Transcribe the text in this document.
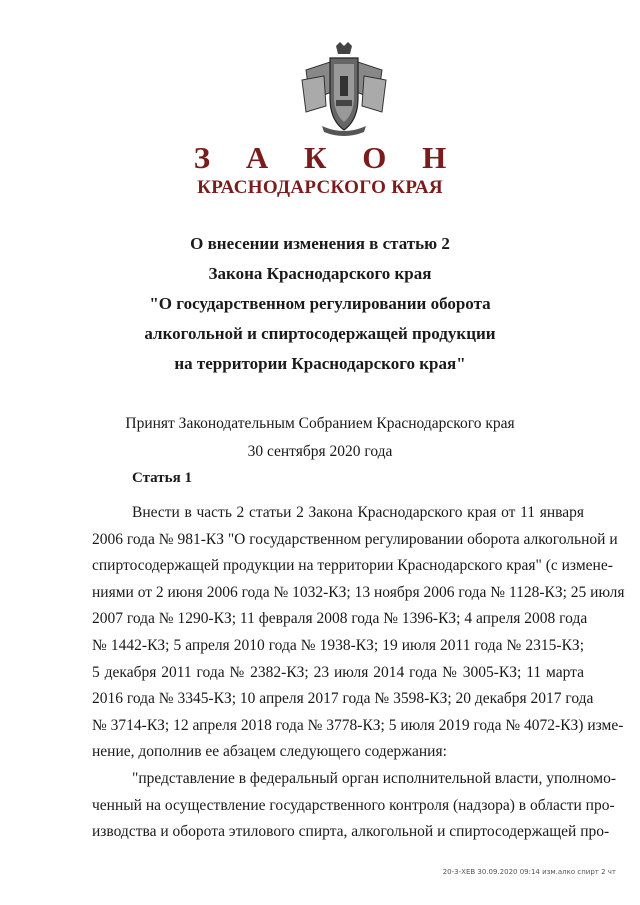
З А К О Н
КРАСНОДАРСКОГО КРАЯ
О внесении изменения в статью 2
Закона Краснодарского края
"О государственном регулировании оборота
алкогольной и спиртосодержащей продукции
на территории Краснодарского края"
Принят Законодательным Собранием Краснодарского края
30 сентября 2020 года
Статья 1
Внести в часть 2 статьи 2 Закона Краснодарского края от 11 января
2006 года № 981-КЗ "О государственном регулировании оборота алкогольной и
спиртосодержащей продукции на территории Краснодарского края" (с измене-
ниями от 2 июня 2006 года № 1032-КЗ; 13 ноября 2006 года № 1128-КЗ; 25 июля
2007 года № 1290-КЗ; 11 февраля 2008 года № 1396-КЗ; 4 апреля 2008 года
№ 1442-КЗ; 5 апреля 2010 года № 1938-КЗ; 19 июля 2011 года № 2315-КЗ;
5 декабря 2011 года № 2382-КЗ; 23 июля 2014 года № 3005-КЗ; 11 марта
2016 года № 3345-КЗ; 10 апреля 2017 года № 3598-КЗ; 20 декабря 2017 года
№ 3714-КЗ; 12 апреля 2018 года № 3778-КЗ; 5 июля 2019 года № 4072-КЗ) изме-
нение, дополнив ее абзацем следующего содержания:
"представление в федеральный орган исполнительной власти, уполномо-
ченный на осуществление государственного контроля (надзора) в области про-
изводства и оборота этилового спирта, алкогольной и спиртосодержащей про-
20-З-XЕВ 30.09.2020 09:14 изм.алко спирт 2 чт
